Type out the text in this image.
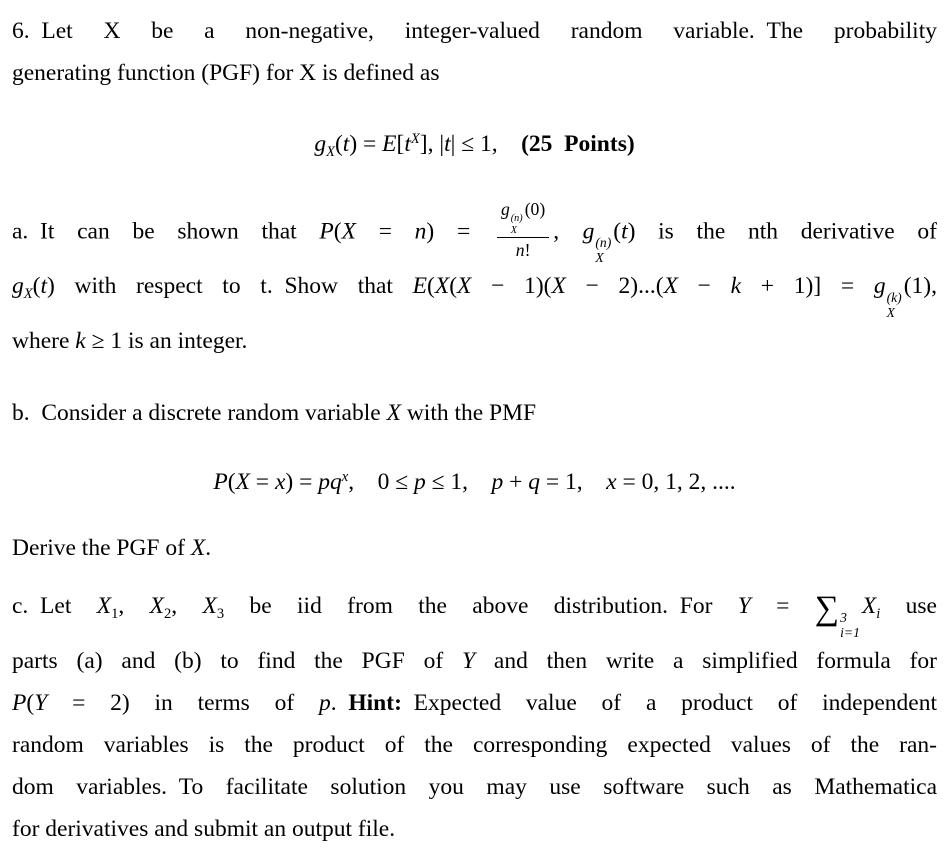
6. Let X be a non-negative, integer-valued random variable. The probability
generating function (PGF) for X is defined as
$g_X(t) = E[t^X]$, |t| ≤ 1,  (25 Points)
a. It can be shown that P(X = n) = g (n)
X
(0)
n! ,  g (n)
X
(t) is the nth derivative of
$g_X(t)$ with respect to t. Show that E(X(X − 1)(X − 2)...(X − k + 1)] = g (k)
X
(1),
where k ≥ 1 is an integer.
b. Consider a discrete random variable X with the PMF
$P(X = x) = pq^x$,  0 ≤ p ≤ 1,  p + q = 1,  x = 0, 1, 2, ....
Derive the PGF of X.
c. Let $X_1$, $X_2$, $X_3$ be iid from the above distribution. For Y = ∑ 3
i=1
$X_i$ use
parts (a) and (b) to find the PGF of Y and then write a simplified formula for
P(Y = 2) in terms of p. Hint: Expected value of a product of independent
random variables is the product of the corresponding expected values of the ran-
dom variables. To facilitate solution you may use software such as Mathematica
for derivatives and submit an output file.
